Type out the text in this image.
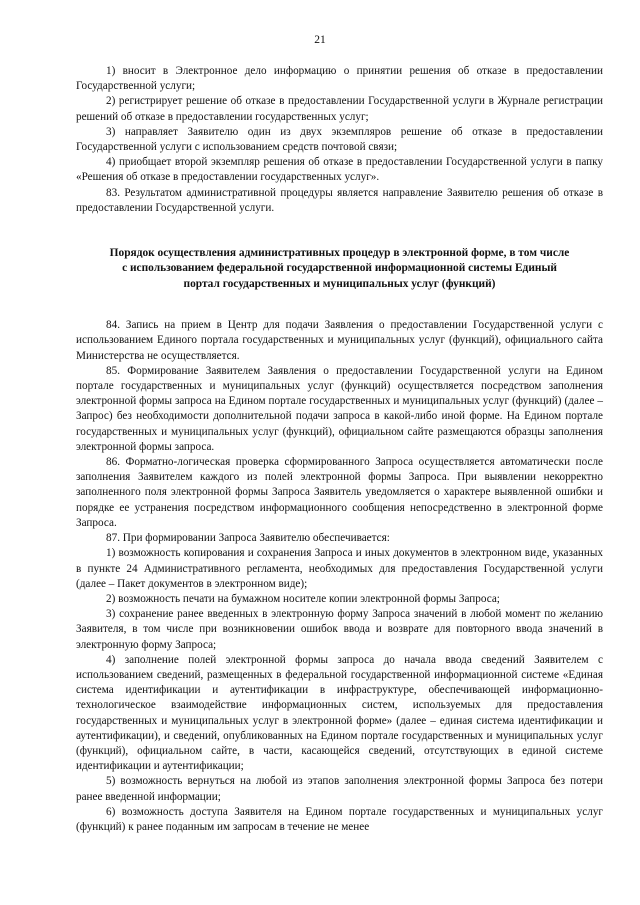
21

1) вносит в Электронное дело информацию о принятии решения об отказе в предоставлении Государственной услуги;

2) регистрирует решение об отказе в предоставлении Государственной услуги в Журнале регистрации решений об отказе в предоставлении государственных услуг;

3) направляет Заявителю один из двух экземпляров решение об отказе в предоставлении Государственной услуги с использованием средств почтовой связи;

4) приобщает второй экземпляр решения об отказе в предоставлении Государственной услуги в папку «Решения об отказе в предоставлении государственных услуг».

83. Результатом административной процедуры является направление Заявителю решения об отказе в предоставлении Государственной услуги.

Порядок осуществления административных процедур в электронной форме, в том числе
с использованием федеральной государственной информационной системы Единый
портал государственных и муниципальных услуг (функций)

84. Запись на прием в Центр для подачи Заявления о предоставлении Государственной услуги с использованием Единого портала государственных и муниципальных услуг (функций), официального сайта Министерства не осуществляется.

85. Формирование Заявителем Заявления о предоставлении Государственной услуги на Едином портале государственных и муниципальных услуг (функций) осуществляется посредством заполнения электронной формы запроса на Едином портале государственных и муниципальных услуг (функций) (далее – Запрос) без необходимости дополнительной подачи запроса в какой-либо иной форме. На Едином портале государственных и муниципальных услуг (функций), официальном сайте размещаются образцы заполнения электронной формы запроса.

86. Форматно-логическая проверка сформированного Запроса осуществляется автоматически после заполнения Заявителем каждого из полей электронной формы Запроса. При выявлении некорректно заполненного поля электронной формы Запроса Заявитель уведомляется о характере выявленной ошибки и порядке ее устранения посредством информационного сообщения непосредственно в электронной форме Запроса.

87. При формировании Запроса Заявителю обеспечивается:

1) возможность копирования и сохранения Запроса и иных документов в электронном виде, указанных в пункте 24 Административного регламента, необходимых для предоставления Государственной услуги (далее – Пакет документов в электронном виде);

2) возможность печати на бумажном носителе копии электронной формы Запроса;

3) сохранение ранее введенных в электронную форму Запроса значений в любой момент по желанию Заявителя, в том числе при возникновении ошибок ввода и возврате для повторного ввода значений в электронную форму Запроса;

4) заполнение полей электронной формы запроса до начала ввода сведений Заявителем с использованием сведений, размещенных в федеральной государственной информационной системе «Единая система идентификации и аутентификации в инфраструктуре, обеспечивающей информационно-технологическое взаимодействие информационных систем, используемых для предоставления государственных и муниципальных услуг в электронной форме» (далее – единая система идентификации и аутентификации), и сведений, опубликованных на Едином портале государственных и муниципальных услуг (функций), официальном сайте, в части, касающейся сведений, отсутствующих в единой системе идентификации и аутентификации;

5) возможность вернуться на любой из этапов заполнения электронной формы Запроса без потери ранее введенной информации;

6) возможность доступа Заявителя на Едином портале государственных и муниципальных услуг (функций) к ранее поданным им запросам в течение не менее
